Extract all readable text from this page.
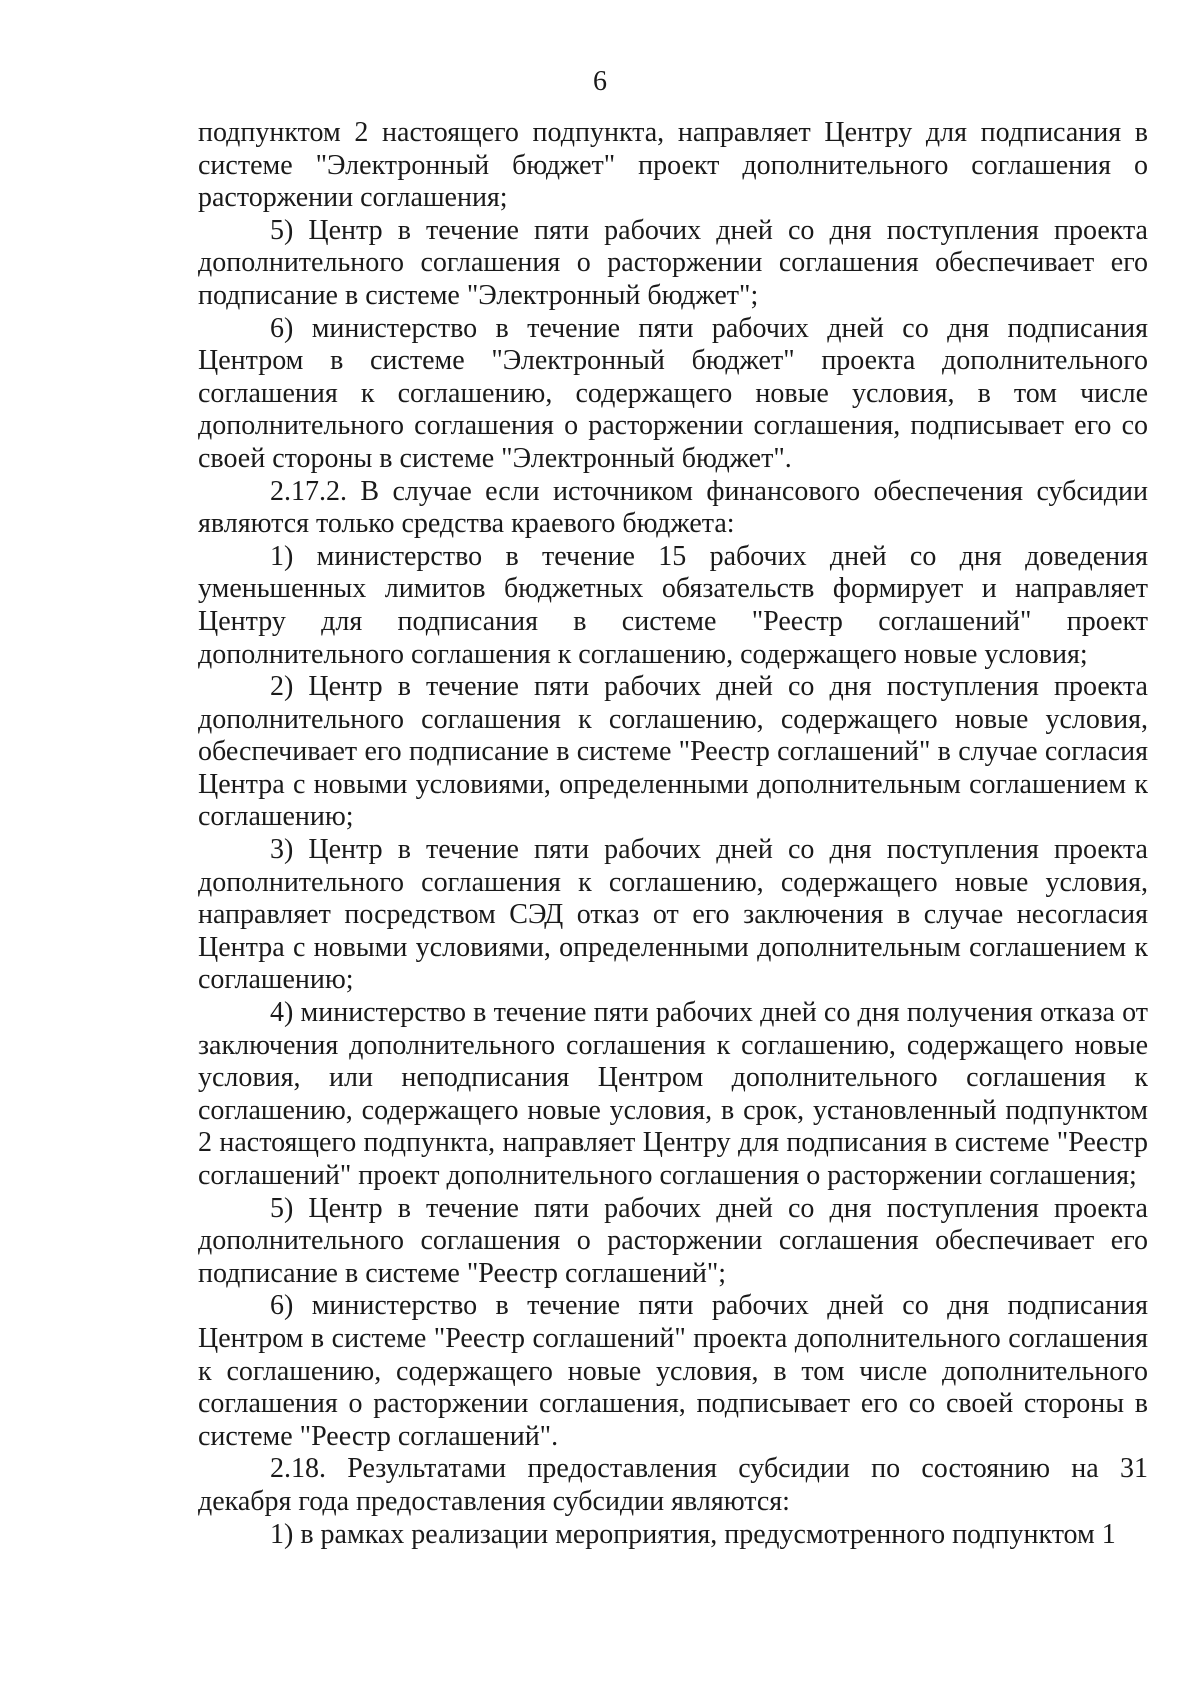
6

подпунктом 2 настоящего подпункта, направляет Центру для подписания в системе "Электронный бюджет" проект дополнительного соглашения о расторжении соглашения;

5) Центр в течение пяти рабочих дней со дня поступления проекта дополнительного соглашения о расторжении соглашения обеспечивает его подписание в системе "Электронный бюджет";

6) министерство в течение пяти рабочих дней со дня подписания Центром в системе "Электронный бюджет" проекта дополнительного соглашения к соглашению, содержащего новые условия, в том числе дополнительного соглашения о расторжении соглашения, подписывает его со своей стороны в системе "Электронный бюджет".

2.17.2. В случае если источником финансового обеспечения субсидии являются только средства краевого бюджета:

1) министерство в течение 15 рабочих дней со дня доведения уменьшенных лимитов бюджетных обязательств формирует и направляет Центру для подписания в системе "Реестр соглашений" проект дополнительного соглашения к соглашению, содержащего новые условия;

2) Центр в течение пяти рабочих дней со дня поступления проекта дополнительного соглашения к соглашению, содержащего новые условия, обеспечивает его подписание в системе "Реестр соглашений" в случае согласия Центра с новыми условиями, определенными дополнительным соглашением к соглашению;

3) Центр в течение пяти рабочих дней со дня поступления проекта дополнительного соглашения к соглашению, содержащего новые условия, направляет посредством СЭД отказ от его заключения в случае несогласия Центра с новыми условиями, определенными дополнительным соглашением к соглашению;

4) министерство в течение пяти рабочих дней со дня получения отказа от заключения дополнительного соглашения к соглашению, содержащего новые условия, или неподписания Центром дополнительного соглашения к соглашению, содержащего новые условия, в срок, установленный подпунктом 2 настоящего подпункта, направляет Центру для подписания в системе "Реестр соглашений" проект дополнительного соглашения о расторжении соглашения;

5) Центр в течение пяти рабочих дней со дня поступления проекта дополнительного соглашения о расторжении соглашения обеспечивает его подписание в системе "Реестр соглашений";

6) министерство в течение пяти рабочих дней со дня подписания Центром в системе "Реестр соглашений" проекта дополнительного соглашения к соглашению, содержащего новые условия, в том числе дополнительного соглашения о расторжении соглашения, подписывает его со своей стороны в системе "Реестр соглашений".

2.18. Результатами предоставления субсидии по состоянию на 31 декабря года предоставления субсидии являются:

1) в рамках реализации мероприятия, предусмотренного подпунктом 1
